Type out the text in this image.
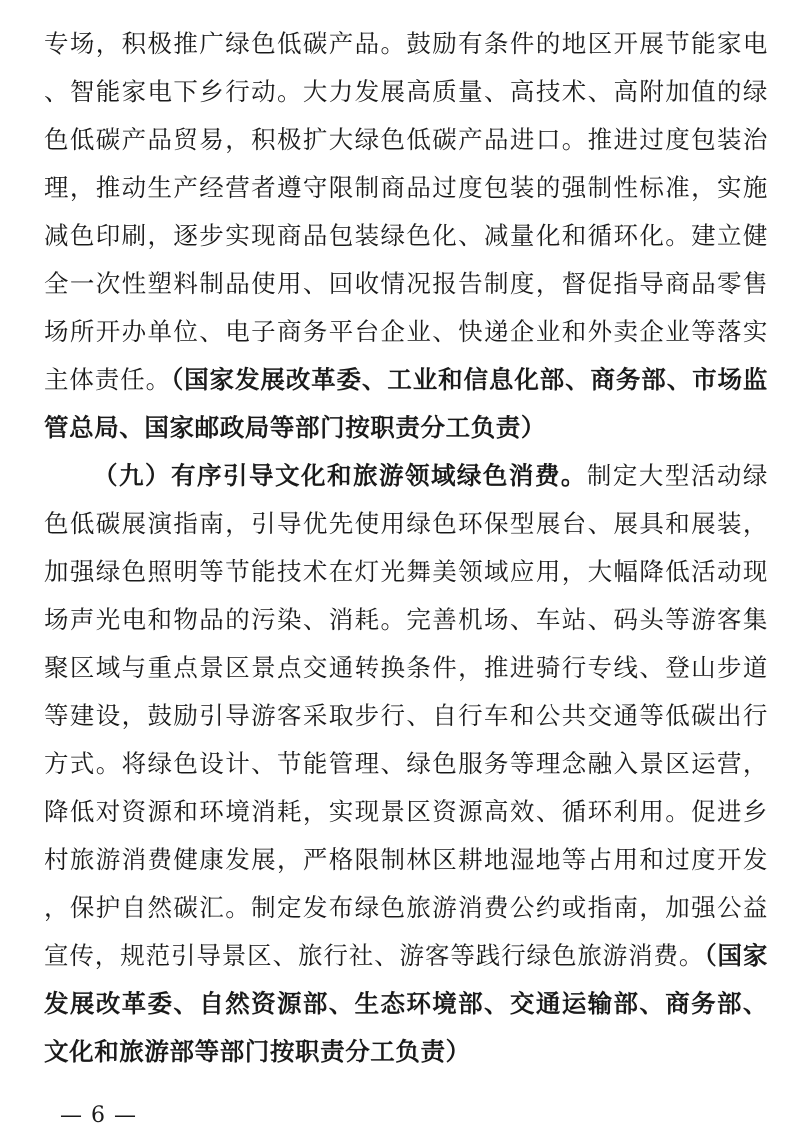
专场，积极推广绿色低碳产品。鼓励有条件的地区开展节能家电、智能家电下乡行动。大力发展高质量、高技术、高附加值的绿色低碳产品贸易，积极扩大绿色低碳产品进口。推进过度包装治理，推动生产经营者遵守限制商品过度包装的强制性标准，实施减色印刷，逐步实现商品包装绿色化、减量化和循环化。建立健全一次性塑料制品使用、回收情况报告制度，督促指导商品零售场所开办单位、电子商务平台企业、快递企业和外卖企业等落实主体责任。（国家发展改革委、工业和信息化部、商务部、市场监管总局、国家邮政局等部门按职责分工负责）

（九）有序引导文化和旅游领域绿色消费。制定大型活动绿色低碳展演指南，引导优先使用绿色环保型展台、展具和展装，加强绿色照明等节能技术在灯光舞美领域应用，大幅降低活动现场声光电和物品的污染、消耗。完善机场、车站、码头等游客集聚区域与重点景区景点交通转换条件，推进骑行专线、登山步道等建设，鼓励引导游客采取步行、自行车和公共交通等低碳出行方式。将绿色设计、节能管理、绿色服务等理念融入景区运营，降低对资源和环境消耗，实现景区资源高效、循环利用。促进乡村旅游消费健康发展，严格限制林区耕地湿地等占用和过度开发，保护自然碳汇。制定发布绿色旅游消费公约或指南，加强公益宣传，规范引导景区、旅行社、游客等践行绿色旅游消费。（国家发展改革委、自然资源部、生态环境部、交通运输部、商务部、文化和旅游部等部门按职责分工负责）

— 6 —
